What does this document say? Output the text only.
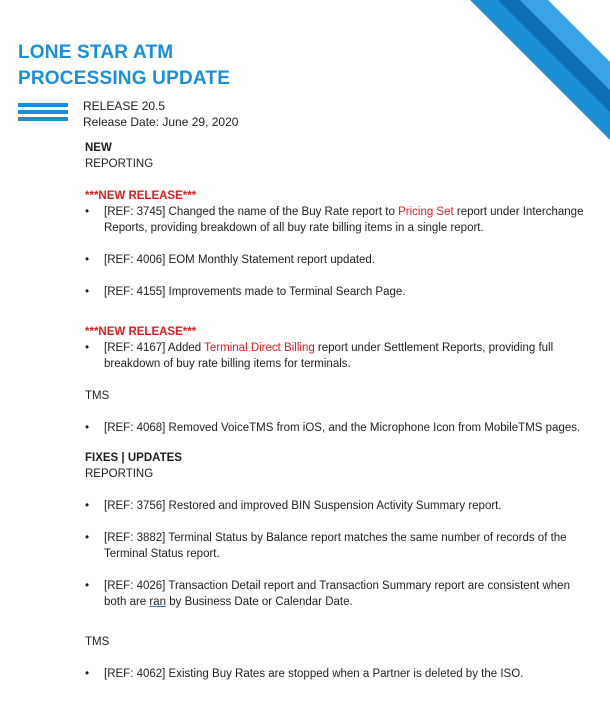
LONE STAR ATM
PROCESSING UPDATE
RELEASE 20.5
Release Date: June 29, 2020
NEW
REPORTING
***NEW RELEASE***
• [REF: 3745] Changed the name of the Buy Rate report to Pricing Set report under Interchange Reports, providing breakdown of all buy rate billing items in a single report.
• [REF: 4006] EOM Monthly Statement report updated.
• [REF: 4155] Improvements made to Terminal Search Page.
***NEW RELEASE***
• [REF: 4167] Added Terminal Direct Billing report under Settlement Reports, providing full breakdown of buy rate billing items for terminals.
TMS
• [REF: 4068] Removed VoiceTMS from iOS, and the Microphone Icon from MobileTMS pages.
FIXES | UPDATES
REPORTING
• [REF: 3756] Restored and improved BIN Suspension Activity Summary report.
• [REF: 3882] Terminal Status by Balance report matches the same number of records of the Terminal Status report.
• [REF: 4026] Transaction Detail report and Transaction Summary report are consistent when both are ran by Business Date or Calendar Date.
TMS
• [REF: 4062] Existing Buy Rates are stopped when a Partner is deleted by the ISO.
